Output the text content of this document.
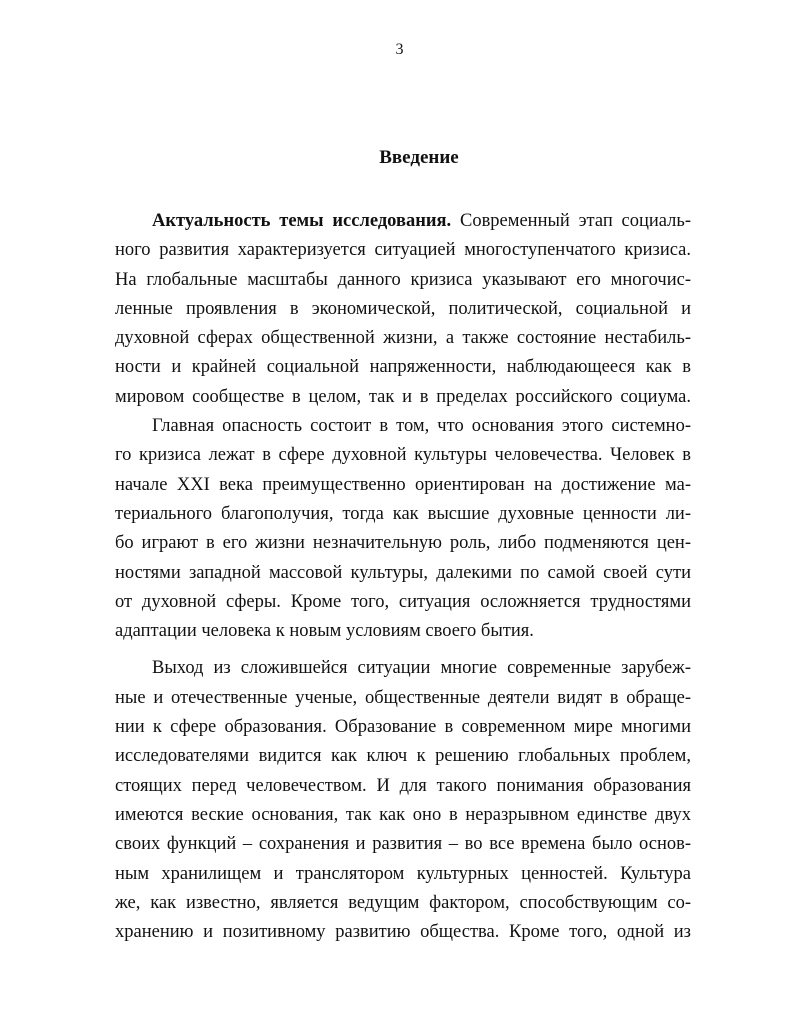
3
Введение
Актуальность темы исследования. Современный этап социаль-
ного развития характеризуется ситуацией многоступенчатого кризиса.
На глобальные масштабы данного кризиса указывают его многочис-
ленные проявления в экономической, политической, социальной и
духовной сферах общественной жизни, а также состояние нестабиль-
ности и крайней социальной напряженности, наблюдающееся как в
мировом сообществе в целом, так и в пределах российского социума.
Главная опасность состоит в том, что основания этого системно-
го кризиса лежат в сфере духовной культуры человечества. Человек в
начале XXI века преимущественно ориентирован на достижение ма-
териального благополучия, тогда как высшие духовные ценности ли-
бо играют в его жизни незначительную роль, либо подменяются цен-
ностями западной массовой культуры, далекими по самой своей сути
от духовной сферы. Кроме того, ситуация осложняется трудностями
адаптации человека к новым условиям своего бытия.
Выход из сложившейся ситуации многие современные зарубеж-
ные и отечественные ученые, общественные деятели видят в обраще-
нии к сфере образования. Образование в современном мире многими
исследователями видится как ключ к решению глобальных проблем,
стоящих перед человечеством. И для такого понимания образования
имеются веские основания, так как оно в неразрывном единстве двух
своих функций – сохранения и развития – во все времена было основ-
ным хранилищем и транслятором культурных ценностей. Культура
же, как известно, является ведущим фактором, способствующим со-
хранению и позитивному развитию общества. Кроме того, одной из
